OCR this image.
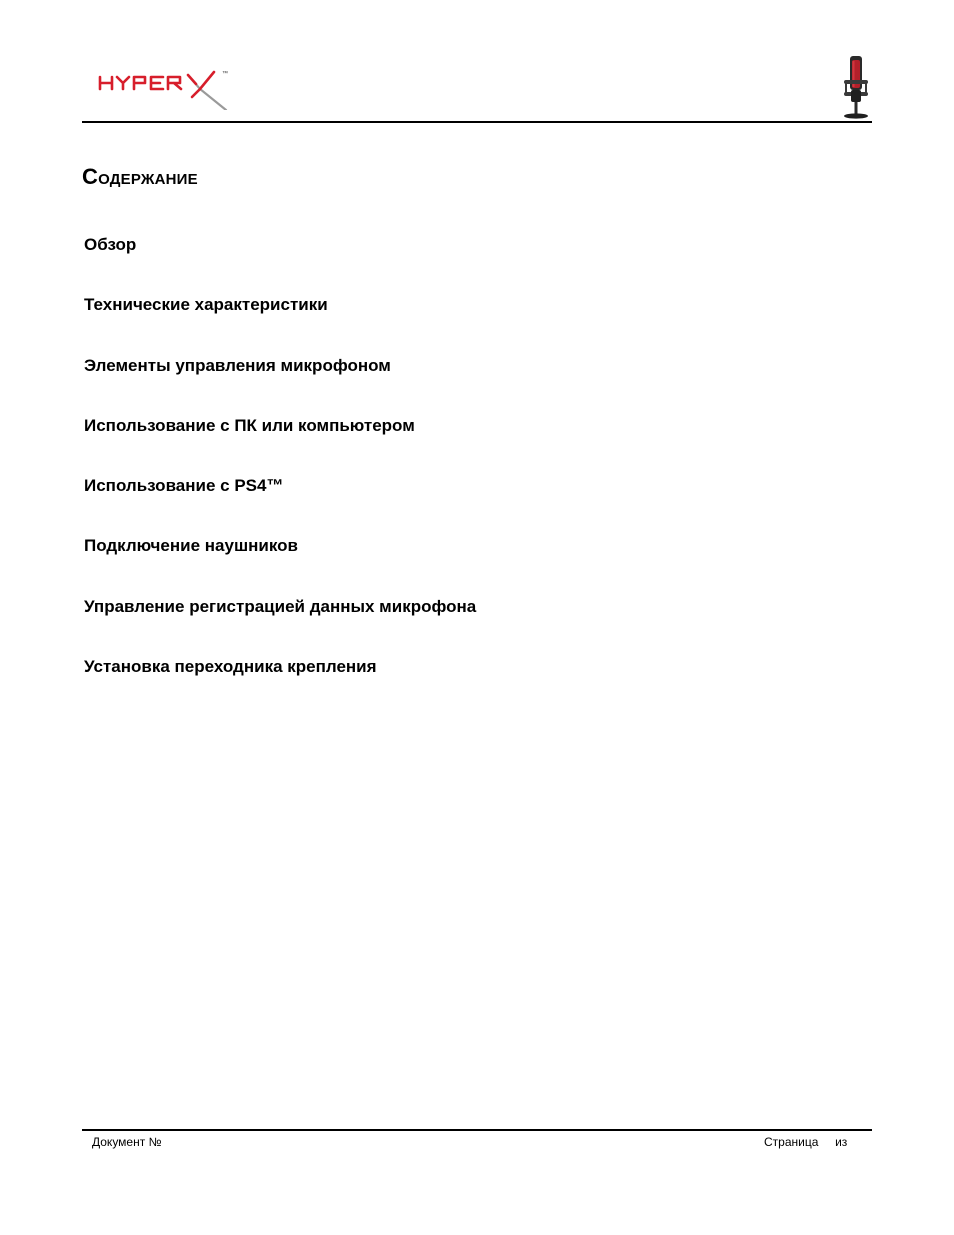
™
Содержание
Обзор
Технические характеристики
Элементы управления микрофоном
Использование с ПК или компьютером
Использование с PS4™
Подключение наушников
Управление регистрацией данных микрофона
Установка переходника крепления
Документ №	Страница из
